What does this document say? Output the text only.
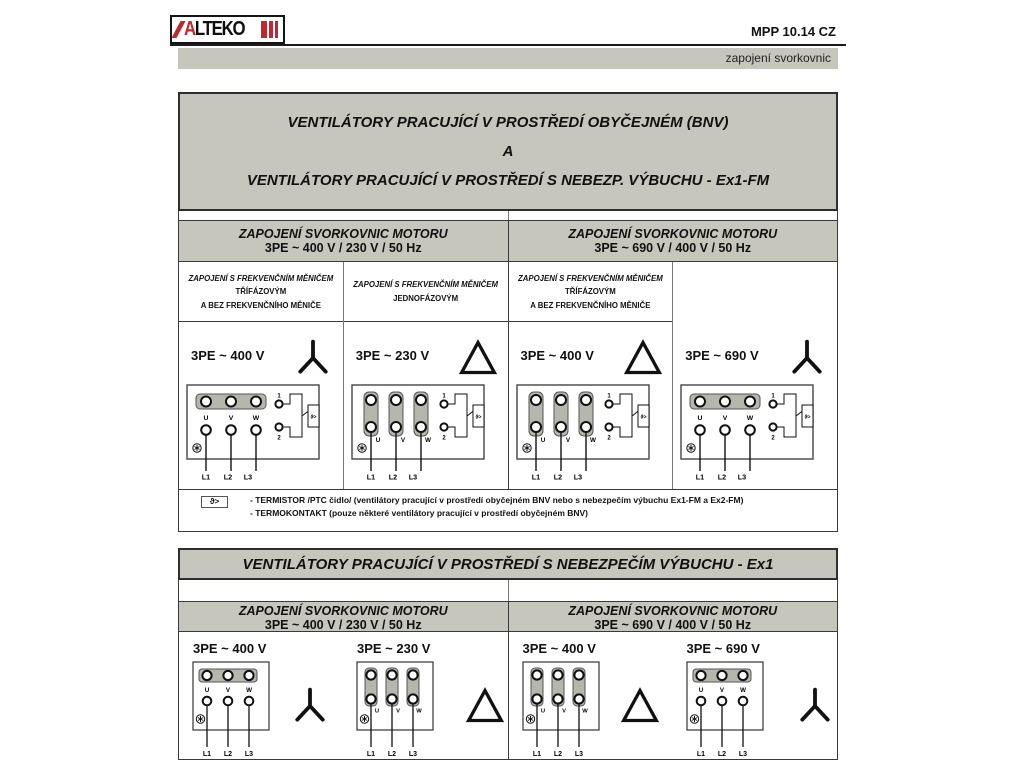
ALTEKO	MPP 10.14 CZ
zapojení svorkovnic
VENTILÁTORY PRACUJÍCÍ V PROSTŘEDÍ OBYČEJNÉM (BNV)
A
VENTILÁTORY PRACUJÍCÍ V PROSTŘEDÍ S NEBEZP. VÝBUCHU - Ex1-FM
ZAPOJENÍ SVORKOVNIC MOTORU
3PE ~ 400 V / 230 V / 50 Hz
ZAPOJENÍ SVORKOVNIC MOTORU
3PE ~ 690 V / 400 V / 50 Hz
ZAPOJENÍ S FREKVENČNÍM MĚNIČEM
TŘÍFÁZOVÝM
A BEZ FREKVENČNÍHO MĚNIČE
3PE ~ 400 V
U	V	W
L1 L2 L3
1
2
ϑ>
ZAPOJENÍ S FREKVENČNÍM MĚNIČEM
JEDNOFÁZOVÝM
3PE ~ 230 V
U	V	W
L1 L2 L3
1
2
ϑ>
ZAPOJENÍ S FREKVENČNÍM MĚNIČEM
TŘÍFÁZOVÝM
A BEZ FREKVENČNÍHO MĚNIČE
3PE ~ 400 V
U	V	W
L1 L2 L3
1
2
ϑ>
3PE ~ 690 V
U	V	W
L1 L2 L3
1
2
ϑ>
ϑ>	- TERMISTOR /PTC čidlo/ (ventilátory pracující v prostředí obyčejném BNV nebo s nebezpečím výbuchu Ex1-FM a Ex2-FM)
- TERMOKONTAKT (pouze některé ventilátory pracující v prostředí obyčejném BNV)
VENTILÁTORY PRACUJÍCÍ V PROSTŘEDÍ S NEBEZPEČÍM VÝBUCHU - Ex1
ZAPOJENÍ SVORKOVNIC MOTORU
3PE ~ 400 V / 230 V / 50 Hz
ZAPOJENÍ SVORKOVNIC MOTORU
3PE ~ 690 V / 400 V / 50 Hz
3PE ~ 400 V
U	V	W
L1 L2 L3
3PE ~ 230 V
U	V	W
L1 L2 L3
3PE ~ 400 V
U	V	W
L1 L2 L3
3PE ~ 690 V
U	V	W
L1 L2 L3
